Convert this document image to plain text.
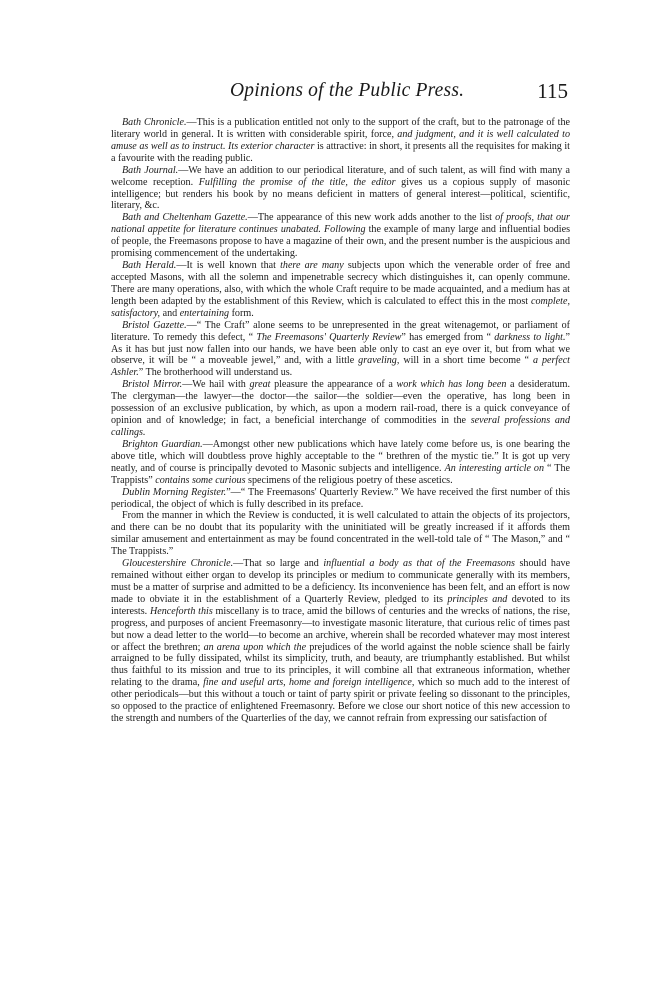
Opinions of the Public Press.	115

Bath Chronicle.—This is a publication entitled not only to the support of the craft, but to the patronage of the literary world in general. It is written with considerable spirit, force, and judgment, and it is well calculated to amuse as well as to instruct. Its exterior character is attractive: in short, it presents all the requisites for making it a favourite with the reading public.

Bath Journal.—We have an addition to our periodical literature, and of such talent, as will find with many a welcome reception. Fulfilling the promise of the title, the editor gives us a copious supply of masonic intelligence; but renders his book by no means deficient in matters of general interest—political, scientific, literary, &c.

Bath and Cheltenham Gazette.—The appearance of this new work adds another to the list of proofs, that our national appetite for literature continues unabated. Following the example of many large and influential bodies of people, the Freemasons propose to have a magazine of their own, and the present number is the auspicious and promising commencement of the undertaking.

Bath Herald.—It is well known that there are many subjects upon which the venerable order of free and accepted Masons, with all the solemn and impenetrable secrecy which distinguishes it, can openly commune. There are many operations, also, with which the whole Craft require to be made acquainted, and a medium has at length been adapted by the establishment of this Review, which is calculated to effect this in the most complete, satisfactory, and entertaining form.

Bristol Gazette.—“ The Craft” alone seems to be unrepresented in the great witenagemot, or parliament of literature. To remedy this defect, “ The Freemasons' Quarterly Review” has emerged from “ darkness to light.” As it has but just now fallen into our hands, we have been able only to cast an eye over it, but from what we observe, it will be “ a moveable jewel,” and, with a little graveling, will in a short time become “ a perfect Ashler.” The brotherhood will understand us.

Bristol Mirror.—We hail with great pleasure the appearance of a work which has long been a desideratum. The clergyman—the lawyer—the doctor—the sailor—the soldier—even the operative, has long been in possession of an exclusive publication, by which, as upon a modern rail-road, there is a quick conveyance of opinion and of knowledge; in fact, a beneficial interchange of commodities in the several professions and callings.

Brighton Guardian.—Amongst other new publications which have lately come before us, is one bearing the above title, which will doubtless prove highly acceptable to the “ brethren of the mystic tie.” It is got up very neatly, and of course is principally devoted to Masonic subjects and intelligence. An interesting article on “ The Trappists” contains some curious specimens of the religious poetry of these ascetics.

Dublin Morning Register.”—“ The Freemasons' Quarterly Review.” We have received the first number of this periodical, the object of which is fully described in its preface.

From the manner in which the Review is conducted, it is well calculated to attain the objects of its projectors, and there can be no doubt that its popularity with the uninitiated will be greatly increased if it affords them similar amusement and entertainment as may be found concentrated in the well-told tale of “ The Mason,” and “ The Trappists.”

Gloucestershire Chronicle.—That so large and influential a body as that of the Freemasons should have remained without either organ to develop its principles or medium to communicate generally with its members, must be a matter of surprise and admitted to be a deficiency. Its inconvenience has been felt, and an effort is now made to obviate it in the establishment of a Quarterly Review, pledged to its principles and devoted to its interests. Henceforth this miscellany is to trace, amid the billows of centuries and the wrecks of nations, the rise, progress, and purposes of ancient Freemasonry—to investigate masonic literature, that curious relic of times past but now a dead letter to the world—to become an archive, wherein shall be recorded whatever may most interest or affect the brethren; an arena upon which the prejudices of the world against the noble science shall be fairly arraigned to be fully dissipated, whilst its simplicity, truth, and beauty, are triumphantly established. But whilst thus faithful to its mission and true to its principles, it will combine all that extraneous information, whether relating to the drama, fine and useful arts, home and foreign intelligence, which so much add to the interest of other periodicals—but this without a touch or taint of party spirit or private feeling so dissonant to the principles, so opposed to the practice of enlightened Freemasonry. Before we close our short notice of this new accession to the strength and numbers of the Quarterlies of the day, we cannot refrain from expressing our satisfaction of
